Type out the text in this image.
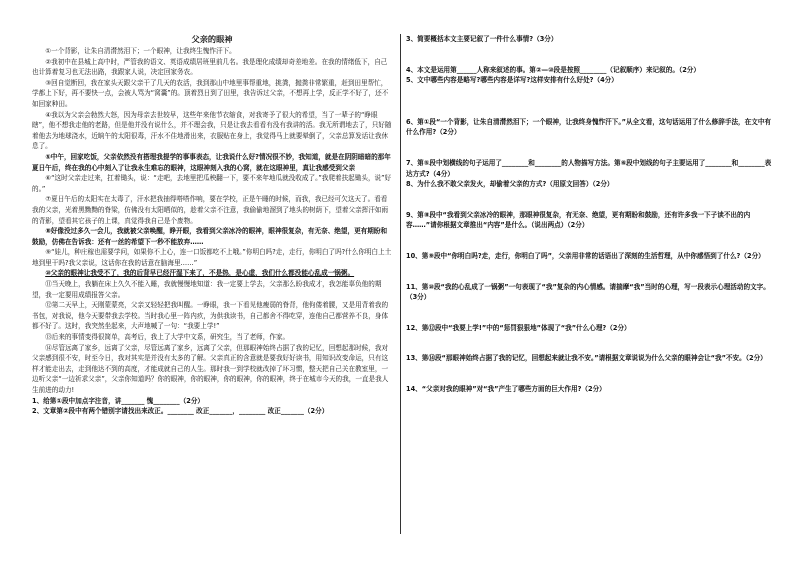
父亲的眼神

①一个背影，让朱自清潸然泪下；一个眼神，让我终生愧怍汗下。

②我初中在县城上高中时，严管我的语文、英语成绩居班里前几名。我是理化成绩却奇差地差。在我的情绪低下，自己也计算着复习也无法出路，我跟家人说，决定回家务农。

③回自觉断回，我在家头天跟父亲干了几天的农活，我到那山中地里事帮重地，挑粪，抛粪非常繁重，赶到田里帮忙，学都上下好，再不要快一点，会被人骂为“窝囊”的。顶着烈日到了田里，我告诉过父亲，不想再上学，反正学不好了，还不如回家种田。

④我以为父亲会勃然大怒，因为母亲去世较早，这些年来他节衣缩食，对我寄予了很大的希望，当了一辈子的“睁眼瞎”，他不想我走他的老路，但是他并没有说什么，并不理会我，只是让我去看看有没有我讲的活。我无所谓地去了，只好随着他去为地球浇水，近晌午的太阳很毒，汗水不住地滑出来，衣服贴在身上，我觉得马上就要晕倒了，父亲总算发话让我休息了。

⑤中午，回家吃饭，父亲依然没有搭理我提学的事事表态，让我说什么好?情况很不妙，我知道，就是在阴阴暗暗的那年夏日午后，终在我的心中刻入了让我永生难忘的眼神，这眼神刻入我的心窝，就在这眼神里，真让我感受到父亲

⑥“这时父亲走过来，扛着锄头，说：“走吧，去地里把瓜秧翻一下，要不来年地瓜就没收成了。”我爬着扶起锄头，说”好的。”

⑦夏日午后的太阳实在太毒了，汗水把我抽得嗒嗒作响，要在学校，正是午睡的时候，而我，我已经可欠这天了。看看我的父亲，光着黑黝黝的脊梁，仿佛没有太阳晒似的，趁着父亲不注意，我偷偷地溜到了地头的树荫下，望着父亲挥汗如雨的背影，望看其它孩子的上课，真觉得我自己是个废物。

⑧好像没过多久一会儿，我就被父亲唤醒，睁开眼，我看到父亲冰冷的眼神，眼神很复杂，有无奈、绝望，更有期盼和鼓励，仿佛在告诉我：还有一丝的希望下一秒不能放弃……

⑨“娃儿，种庄稼也需要学问，如果你不上心，连一口饭都吃不上哦。”你明白吗?走，走行，你明白了吗?什么你明白上土地到里干吗?我父亲说，这话你在我的话意在脑海里……”

⑩父亲的眼神让我受不了，我的后背早已经汗湿下来了，不是热，是心虚，我们什么都没能心乱成一锅粥。

⑪当天晚上，我躺在床上久久不能入睡，我就慢慢地知道：我一定要上学去，父亲那么盼我成才，我怎能辜负他的期望，我一定要用成绩报答父亲。

⑫第二天早上，天刚蒙蒙亮，父亲又轻轻把我叫醒。一睁眼，我一下看见他瘦弱的脊背，他佝偻着腰，又是用背着我的书包，对我说，他今天要带我去学校。当时我心里一阵内疚，为供我读书，自己都舍不得吃穿，连他自己都营养不良，身体都不好了。这时，我突然坐起来，大声地喊了一句：“我要上学!”

⑬后来的事情变得很简单，高考后，我上了大学中文系，研究生，当了老师，作家。

⑭尽管远离了家乡，远离了父亲，尽管远离了家乡，远离了父亲，但那眼神始终占据了我的记忆，回想起那时候，我对父亲感到很不安，时至今日，我对其实是并没有太多的了解。父亲真正的含意就是要我好好读书，用知识改变命运，只有这样才能走出去，走到他达不到的高度，才能成就自己的人生。那时我一到学校就改掉了坏习惯，整天把自己关在教室里，一边听父亲“一边祈求父亲”，父亲你知道吗？你的眼神，你的眼神，你的眼神，你的眼神，终于在城市今天的我，一直是我人生前进的动力!

1、给第①段中加点字注音，讲_______ 愧________（2分）

2、文章第②段中有两个错别字请找出来改正。________ 改正_______，________ 改正_______（2分）

3、简要概括本文主要记叙了一件什么事情?（3分）

4、本文是运用第______人称来叙述的事。第②—⑩段是按照________（记叙顺序）来记叙的。（2分）

5、文中哪些内容是略写?哪些内容是详写?这样安排有什么好处?（4分）

6、第①段“一个背影，让朱自清潸然泪下；一个眼神，让我终身愧怍汗下。”从全文看，这句话运用了什么修辞手法，在文中有什么作用?（2分）

7、第⑤段中划横线的句子运用了________和________的人物描写方法。第⑥段中划线的句子主要运用了________和________表达方式?（4分）

8、为什么我不敢父亲发火，却偷着父亲的方式?（用原文回答）（2分）

9、第⑧段中“我看到父亲冰冷的眼神，那眼神很复杂，有无奈、绝望，更有期盼和鼓励，还有许多我一下子读不出的内容……”请你根据文章推出“内容”是什么。（说出两点）（2分）

10、第⑨段中“你明白吗?走，走行，你明白了吗”，父亲用非常的话语出了深刻的生活哲理，从中你感悟到了什么?（2分）

11、第⑩段“我的心乱成了一锅粥”一句表现了“我”复杂的内心情感。请揣摩“我”当时的心理，写一段表示心理活动的文字。（3分）

12、第⑫段中“我要上学!”中的“惩罚狠狠地”体现了“我”什么心理?（2分）

13、第⑭段“那眼神始终占据了我的记忆，回想起来就让我不安。”请根据文章说说为什么父亲的眼神会让“我”不安。（2分）

14、“父亲对我的眼神”对“我”产生了哪些方面的巨大作用?（2分）
